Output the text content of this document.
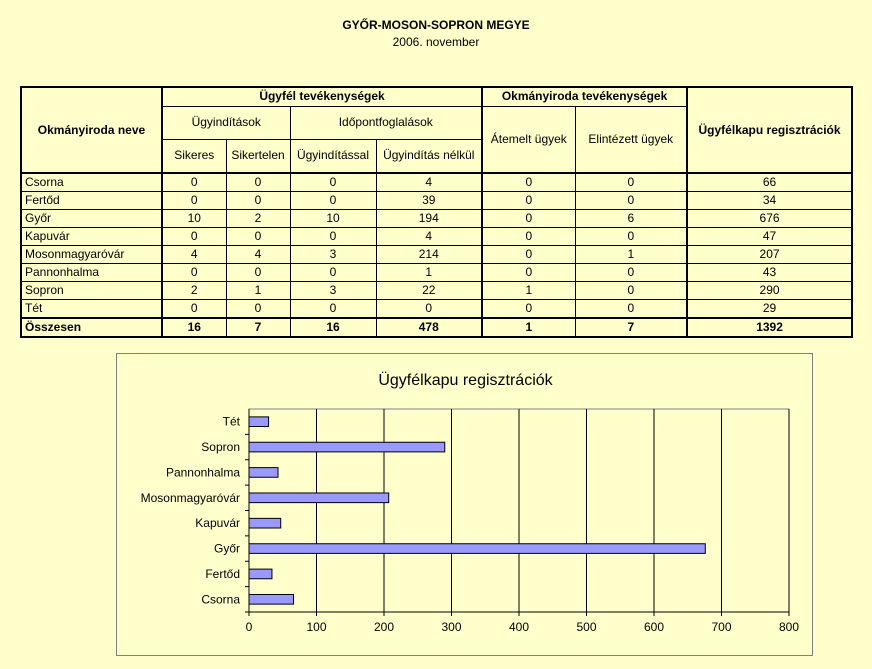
GYŐR-MOSON-SOPRON MEGYE
2006. november
Okmányiroda neve	Ügyfél tevékenységek				Okmányiroda tevékenységek		Ügyfélkapu regisztrációk
	Ügyindítások		Időpontfoglalások		Átemelt ügyek	Elintézett ügyek	
	Sikeres	Sikertelen	Ügyindítással	Ügyindítás nélkül			
Csorna	0	0	0	4	0	0	66
Fertőd	0	0	0	39	0	0	34
Győr	10	2	10	194	0	6	676
Kapuvár	0	0	0	4	0	0	47
Mosonmagyaróvár	4	4	3	214	0	1	207
Pannonhalma	0	0	0	1	0	0	43
Sopron	2	1	3	22	1	0	290
Tét	0	0	0	0	0	0	29
Összesen	16	7	16	478	1	7	1392
Ügyfélkapu regisztrációk
0	100	200	300	400	500	600	700	800
Csorna
Fertőd
Győr
Kapuvár
Mosonmagyaróvár
Pannonhalma
Sopron
Tét
